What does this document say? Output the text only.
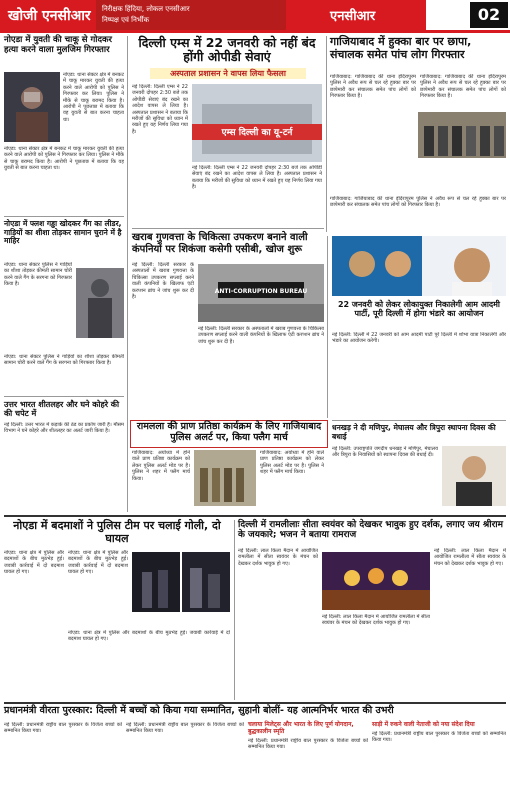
खोजी एनसीआर निरीक्षक हिंदिया, लोकल एनसीआर
निष्पक्ष एवं निर्भीक	एनसीआर	02
नोएडा में युवती की चाकू से गोदकर हत्या करने वाला मुलजिम गिरफ्तार
नोएडा: थाना सेक्टर क्षेत्र में बनकट में चाकू मारकर युवती की हत्या करने वाले आरोपी को पुलिस ने गिरफ्तार कर लिया। पुलिस ने मौके से चाकू बरामद किया है। आरोपी ने पूछताछ में बताया कि वह युवती से बात करना चाहता था।
नोएडा: थाना सेक्टर क्षेत्र में बनकट में चाकू मारकर युवती की हत्या करने वाले आरोपी को पुलिस ने गिरफ्तार कर लिया। पुलिस ने मौके से चाकू बरामद किया है। आरोपी ने पूछताछ में बताया कि वह युवती से बात करना चाहता था।
नोएडा में फ्लश गड्ढा खोदकर गैंग का लीडर, गाड़ियों का शीशा तोड़कर सामान चुराने में है माहिर
नोएडा: थाना सेक्टर पुलिस ने गाड़ियों का शीशा तोड़कर कीमती सामान चोरी करने वाले गैंग के सरगना को गिरफ्तार किया है।
नोएडा: थाना सेक्टर पुलिस ने गाड़ियों का शीशा तोड़कर कीमती सामान चोरी करने वाले गैंग के सरगना को गिरफ्तार किया है।
उत्तर भारत शीतलहर और घने कोहरे की की चपेट में
नई दिल्ली: उत्तर भारत में कड़ाके की ठंड का प्रकोप जारी है। मौसम विभाग ने घने कोहरे और शीतलहर का अलर्ट जारी किया है।
दिल्ली एम्स में 22 जनवरी को नहीं बंद होंगी ओपीडी सेवाएं
अस्पताल प्रशासन ने वापस लिया फैसला
नई दिल्ली: दिल्ली एम्स ने 22 जनवरी दोपहर 2:30 बजे तक ओपीडी सेवाएं बंद रखने का आदेश वापस ले लिया है। अस्पताल प्रशासन ने बताया कि मरीजों की सुविधा को ध्यान में रखते हुए यह निर्णय लिया गया है।	एम्स दिल्ली का यू-टर्न
नई दिल्ली: दिल्ली एम्स ने 22 जनवरी दोपहर 2:30 बजे तक ओपीडी सेवाएं बंद रखने का आदेश वापस ले लिया है। अस्पताल प्रशासन ने बताया कि मरीजों की सुविधा को ध्यान में रखते हुए यह निर्णय लिया गया है।
गाजियाबाद में हुक्का बार पर छापा, संचालक समेत पांच लोग गिरफ्तार
गाजियाबाद: गाजियाबाद की थाना इंदिरापुरम पुलिस ने अवैध रूप से चल रहे हुक्का बार पर छापेमारी कर संचालक समेत पांच लोगों को गिरफ्तार किया है।
गाजियाबाद: गाजियाबाद की थाना इंदिरापुरम पुलिस ने अवैध रूप से चल रहे हुक्का बार पर छापेमारी कर संचालक समेत पांच लोगों को गिरफ्तार किया है।
गाजियाबाद: गाजियाबाद की थाना इंदिरापुरम पुलिस ने अवैध रूप से चल रहे हुक्का बार पर छापेमारी कर संचालक समेत पांच लोगों को गिरफ्तार किया है।
खराब गुणवत्ता के चिकित्सा उपकरण बनाने वाली कंपनियों पर शिकंजा कसेगी एसीबी, खोज शुरू
नई दिल्ली: दिल्ली सरकार के अस्पतालों में खराब गुणवत्ता के चिकित्सा उपकरण सप्लाई करने वाली कंपनियों के खिलाफ एंटी करप्शन ब्रांच ने जांच शुरू कर दी है।
ANTI-CORRUPTION BUREAU
नई दिल्ली: दिल्ली सरकार के अस्पतालों में खराब गुणवत्ता के चिकित्सा उपकरण सप्लाई करने वाली कंपनियों के खिलाफ एंटी करप्शन ब्रांच ने जांच शुरू कर दी है।
22 जनवरी को लेकर लोकायुक्त निकालेगी आम आदमी पार्टी, पूरी दिल्ली में होगा भंडारे का आयोजन
नई दिल्ली: दिल्ली में 22 जनवरी को आम आदमी पार्टी पूरे दिल्ली में शोभा यात्रा निकालेगी और भंडारे का आयोजन करेगी।
रामलला की प्राण प्रतिष्ठा कार्यक्रम के लिए गाजियाबाद पुलिस अलर्ट पर, किया फ्लैग मार्च
गाजियाबाद: अयोध्या में होने वाले प्राण प्रतिष्ठा कार्यक्रम को लेकर पुलिस अलर्ट मोड पर है। पुलिस ने शहर में फ्लैग मार्च किया।
गाजियाबाद: अयोध्या में होने वाले प्राण प्रतिष्ठा कार्यक्रम को लेकर पुलिस अलर्ट मोड पर है। पुलिस ने शहर में फ्लैग मार्च किया।
धनखड़ ने दी मणिपुर, मेघालय और त्रिपुरा स्थापना दिवस की बधाई
नई दिल्ली: उपराष्ट्रपति जगदीप धनखड़ ने मणिपुर, मेघालय और त्रिपुरा के निवासियों को स्थापना दिवस की बधाई दी।
नोएडा में बदमाशों ने पुलिस टीम पर चलाई गोली, दो घायल
नोएडा: थाना क्षेत्र में पुलिस और बदमाशों के बीच मुठभेड़ हुई। जवाबी कार्रवाई में दो बदमाश घायल हो गए।
नोएडा: थाना क्षेत्र में पुलिस और बदमाशों के बीच मुठभेड़ हुई। जवाबी कार्रवाई में दो बदमाश घायल हो गए।
नोएडा: थाना क्षेत्र में पुलिस और बदमाशों के बीच मुठभेड़ हुई। जवाबी कार्रवाई में दो बदमाश घायल हो गए।
दिल्ली में रामलीलाः सीता स्वयंवर को देखकर भावुक हुए दर्शक, लगाए जय श्रीराम के जयकारे; भजन ने बताया रामराज
नई दिल्ली: लाल किला मैदान में आयोजित रामलीला में सीता स्वयंवर के मंचन को देखकर दर्शक भावुक हो गए।
नई दिल्ली: लाल किला मैदान में आयोजित रामलीला में सीता स्वयंवर के मंचन को देखकर दर्शक भावुक हो गए।
नई दिल्ली: लाल किला मैदान में आयोजित रामलीला में सीता स्वयंवर के मंचन को देखकर दर्शक भावुक हो गए।
प्रधानमंत्री वीरता पुरस्कार: दिल्ली में बच्चों को किया गया सम्मानित, सुहानी बोलीं- यह आत्मनिर्भर भारत की उभरी
नई दिल्ली: प्रधानमंत्री राष्ट्रीय बाल पुरस्कार के विजेता बच्चों को सम्मानित किया गया।
नई दिल्ली: प्रधानमंत्री राष्ट्रीय बाल पुरस्कार के विजेता बच्चों को सम्मानित किया गया।
चलाया मिलेट्स और भारत के लिए पूर्ण योगदान, बुद्धकालीन स्मृति
नई दिल्ली: प्रधानमंत्री राष्ट्रीय बाल पुरस्कार के विजेता बच्चों को सम्मानित किया गया।
साड़ी में रुकने वाली नेताजी को नया संदेश दिया
नई दिल्ली: प्रधानमंत्री राष्ट्रीय बाल पुरस्कार के विजेता बच्चों को सम्मानित किया गया।
